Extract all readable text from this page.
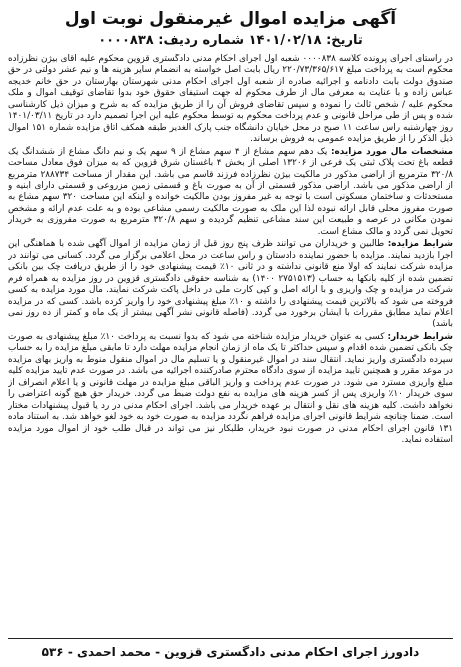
آگهی مزایده اموال غیرمنقول نوبت اول
تاریخ: ۱۴۰۱/۰۲/۱۸ شماره ردیف: ۰۰۰۰۸۳۸

در راستای اجرای پرونده کلاسه ۰۰۰۰۸۳۸ شعبه اول اجرای احکام مدنی دادگستری قزوین محکوم علیه آقای بیژن نظرزاده محکوم است به پرداخت مبلغ ۲۲۰/۷۳/۳۶۵/۶۱۷ ریال بابت اصل خواسته به انضمام سایر هزینه ها و نیم عشر دولتی در حق صندوق دولت بابت دادنامه و اجرائیه صادره از شعبه اول اجرای احکام مدنی شهرستان بهارستان در حق خانم خدیجه عباس زاده و با عنایت به معرفی مال از طرف محکوم له جهت استیفای حقوق خود بدوا تقاضای توقیف اموال و ملک محکوم علیه / شخص ثالث را نموده و سپس تقاضای فروش آن را از طریق مزایده که به شرح و میزان ذیل کارشناسی شده و پس از طی مراحل قانونی و عدم پرداخت محکوم به توسط محکوم علیه این اجرا تصمیم دارد در تاریخ ۱۴۰۱/۰۳/۱۱ روز چهارشنبه راس ساعت ۱۱ صبح در محل خیابان دانشگاه جنب پارک الغدیر طبقه همکف اتاق مزایده شماره ۱۵۱ اموال ذیل الذکر را از طریق مزایده عمومی به فروش برساند.

مشخصات مال مورد مزایده: یک دهم سهم مشاع از ۴ سهم مشاع از ۹ سهم یک و نیم دانگ مشاع از ششدانگ یک قطعه باغ تحت پلاک ثبتی یک فرعی از ۱۳۲۰۶ اصلی از بخش ۴ باغستان شرق قزوین که به میزان فوق معادل مساحت ۳۲۰/۸ مترمربع از اراضی مذکور در مالکیت بیژن نظرزاده فرزند قاسم می باشد. این مقدار از مساحت ۲۸۸۷۳۴ مترمربع از اراضی مذکور می باشد. اراضی مذکور قسمتی از آن به صورت باغ و قسمتی زمین مزروعی و قسمتی دارای ابنیه و مستحدثات و ساختمان مسکونی است با توجه به غیر مفروز بودن مالکیت خوانده و اینکه این مساحت ۳۲۰ سهم مشاع به صورت مفروز محلی قابل ارائه نبوده لذا این ملک به صورت مالکیت رسمی مشاعی بوده و به علت عدم ارائه و مشخص نمودن مکانی در عرصه و طبیعت این سند مشاعی تنظیم گردیده و سهم ۳۲۰/۸ مترمربع به صورت مفروزی به خریدار تحویل نمی گردد و مالک مشاع است.

شرایط مزایده: طالبین و خریداران می توانند ظرف پنج روز قبل از زمان مزایده از اموال آگهی شده با هماهنگی این اجرا بازدید نمایند. مزایده با حضور نماینده دادستان و راس ساعت در محل اعلامی برگزار می گردد. کسانی می توانند در مزایده شرکت نمایند که اولا منع قانونی نداشته و در ثانی ۱۰٪ قیمت پیشنهادی خود را از طریق دریافت چک بین بانکی تضمین شده از کلیه بانکها به حساب (۲۷۵۱۵۱۳ ۱۴۰۰) به شناسه حقوقی دادگستری قزوین در روز مزایده به همراه فرم شرکت در مزایده و چک واریزی و با ارائه اصل و کپی کارت ملی در داخل پاکت شرکت نمایند. مال مورد مزایده به کسی فروخته می شود که بالاترین قیمت پیشنهادی را داشته و ۱۰٪ مبلغ پیشنهادی خود را واریز کرده باشد. کسی که در مزایده اعلام نماید مطابق مقررات با ایشان برخورد می گردد. (فاصله قانونی نشر آگهی بیشتر از یک ماه و کمتر از ده روز نمی باشد)

شرایط خریدار: کسی به عنوان خریدار مزایده شناخته می شود که بدوا نسبت به پرداخت ۱۰٪ مبلغ پیشنهادی به صورت چک بانکی تضمین شده اقدام و سپس حداکثر تا یک ماه از زمان انجام مزایده مهلت دارد تا مابقی مبلغ مزایده را به حساب سپرده دادگستری واریز نماید. انتقال سند در اموال غیرمنقول و یا تسلیم مال در اموال منقول منوط به واریز بهای مزایده در موعد مقرر و همچنین تایید مزایده از سوی دادگاه محترم صادرکننده اجرائیه می باشد. در صورت عدم تایید مزایده کلیه مبلغ واریزی مسترد می شود. در صورت عدم پرداخت و واریز الباقی مبلغ مزایده در مهلت قانونی و یا اعلام انصراف از سوی خریدار ۱۰٪ واریزی پس از کسر هزینه های مزایده به نفع دولت ضبط می گردد. خریدار حق هیچ گونه اعتراضی را نخواهد داشت. کلیه هزینه های نقل و انتقال بر عهده خریدار می باشد. اجرای احکام مدنی در رد یا قبول پیشنهادات مختار است. ضمنا چنانچه شرایط قانونی اجرای مزایده فراهم نگردد مزایده به صورت خود به خود لغو خواهد شد. به استناد ماده ۱۳۱ قانون اجرای احکام مدنی در صورت نبود خریدار، طلبکار نیز می تواند در قبال طلب خود از اموال مورد مزایده استفاده نماید.

دادورز اجرای احکام مدنی دادگستری قزوین - محمد احمدی - ۵۳۶
